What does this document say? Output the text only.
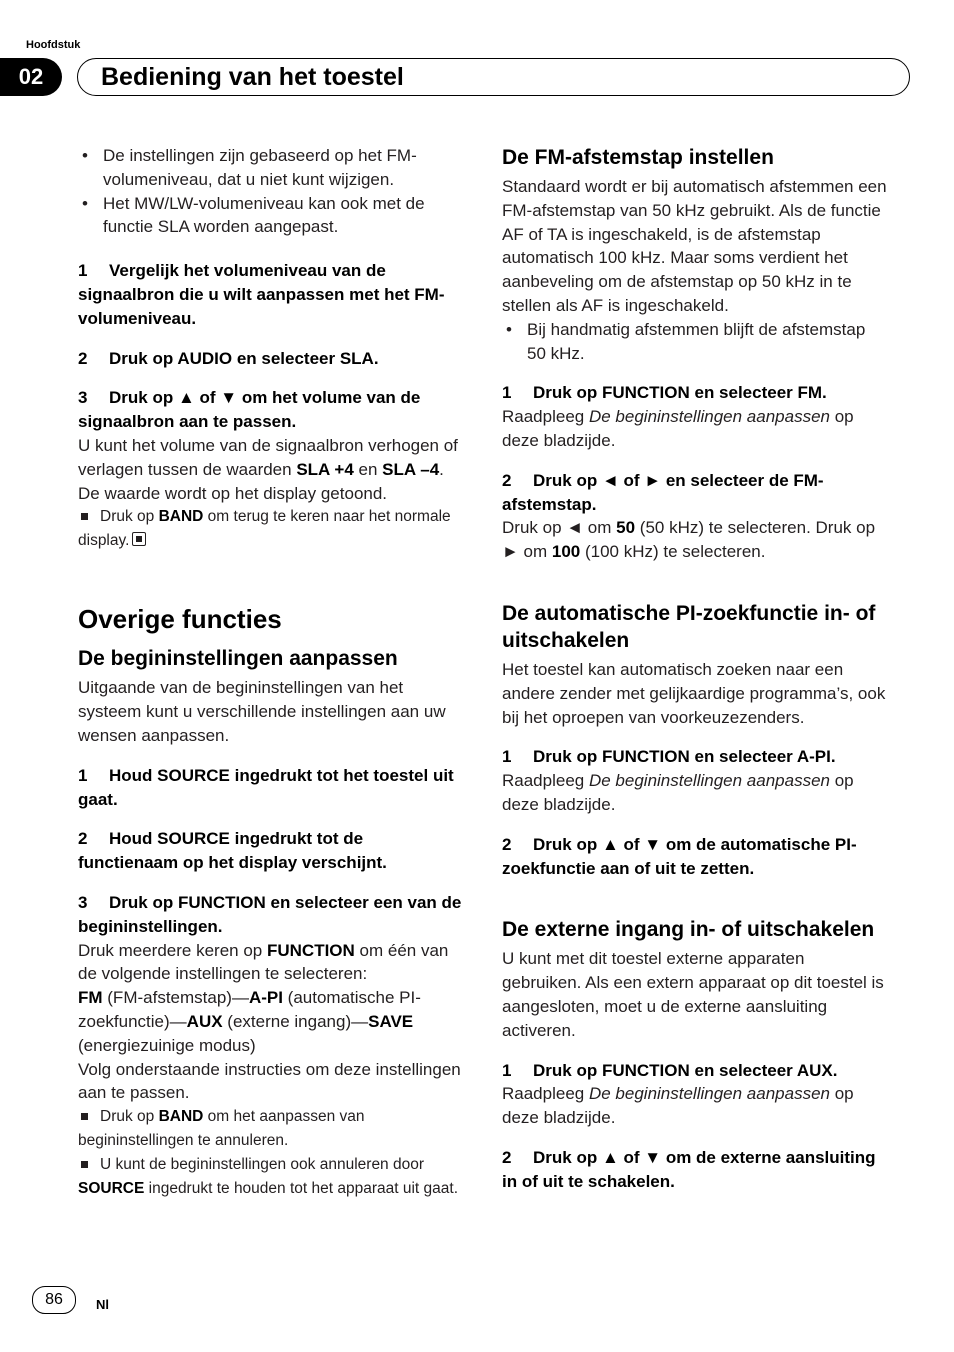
Hoofdstuk
02	Bediening van het toestel
• De instellingen zijn gebaseerd op het FM-volumeniveau, dat u niet kunt wijzigen.
• Het MW/LW-volumeniveau kan ook met de functie SLA worden aangepast.

1 Vergelijk het volumeniveau van de signaalbron die u wilt aanpassen met het FM-volumeniveau.

2 Druk op AUDIO en selecteer SLA.

3 Druk op ▲ of ▼ om het volume van de signaalbron aan te passen.

U kunt het volume van de signaalbron verhogen of verlagen tussen de waarden SLA +4 en SLA –4. De waarde wordt op het display getoond.

Druk op BAND om terug te keren naar het normale display.

Overige functies
De begininstellingen aanpassen

Uitgaande van de begininstellingen van het systeem kunt u verschillende instellingen aan uw wensen aanpassen.

1 Houd SOURCE ingedrukt tot het toestel uit gaat.

2 Houd SOURCE ingedrukt tot de functienaam op het display verschijnt.

3 Druk op FUNCTION en selecteer een van de begininstellingen.

Druk meerdere keren op FUNCTION om één van de volgende instellingen te selecteren:

FM (FM-afstemstap)—A-PI (automatische PI-zoekfunctie)—AUX (externe ingang)—SAVE (energiezuinige modus)

Volg onderstaande instructies om deze instellingen aan te passen.

Druk op BAND om het aanpassen van begininstellingen te annuleren.

U kunt de begininstellingen ook annuleren door SOURCE ingedrukt te houden tot het apparaat uit gaat.

De FM-afstemstap instellen

Standaard wordt er bij automatisch afstemmen een FM-afstemstap van 50 kHz gebruikt. Als de functie AF of TA is ingeschakeld, is de afstemstap automatisch 100 kHz. Maar soms verdient het aanbeveling om de afstemstap op 50 kHz in te stellen als AF is ingeschakeld.

• Bij handmatig afstemmen blijft de afstemstap 50 kHz.

1 Druk op FUNCTION en selecteer FM.

Raadpleeg De begininstellingen aanpassen op deze bladzijde.

2 Druk op ◄ of ► en selecteer de FM-afstemstap.

Druk op ◄ om 50 (50 kHz) te selecteren. Druk op ► om 100 (100 kHz) te selecteren.

De automatische PI-zoekfunctie in- of uitschakelen

Het toestel kan automatisch zoeken naar een andere zender met gelijkaardige programma’s, ook bij het oproepen van voorkeuzezenders.

1 Druk op FUNCTION en selecteer A-PI.

Raadpleeg De begininstellingen aanpassen op deze bladzijde.

2 Druk op ▲ of ▼ om de automatische PI-zoekfunctie aan of uit te zetten.

De externe ingang in- of uitschakelen

U kunt met dit toestel externe apparaten gebruiken. Als een extern apparaat op dit toestel is aangesloten, moet u de externe aansluiting activeren.

1 Druk op FUNCTION en selecteer AUX.

Raadpleeg De begininstellingen aanpassen op deze bladzijde.

2 Druk op ▲ of ▼ om de externe aansluiting in of uit te schakelen.

86	Nl
